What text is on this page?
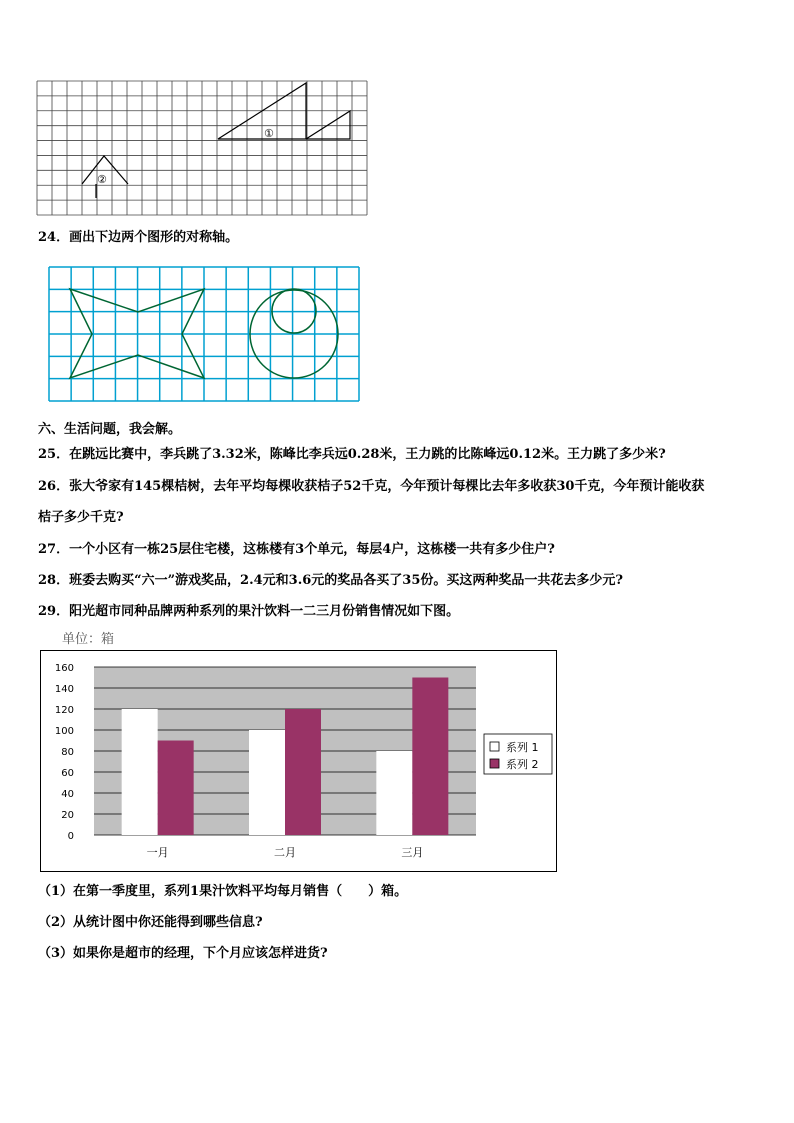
①
②
24．画出下边两个图形的对称轴。
六、生活问题，我会解。
25．在跳远比赛中，李兵跳了3.32米，陈峰比李兵远0.28米，王力跳的比陈峰远0.12米。王力跳了多少米?
26．张大爷家有145棵桔树，去年平均每棵收获桔子52千克，今年预计每棵比去年多收获30千克，今年预计能收获
桔子多少千克?
27．一个小区有一栋25层住宅楼，这栋楼有3个单元，每层4户，这栋楼一共有多少住户?
28．班委去购买“六一”游戏奖品，2.4元和3.6元的奖品各买了35份。买这两种奖品一共花去多少元?
29．阳光超市同种品牌两种系列的果汁饮料一二三月份销售情况如下图。
单位：箱
0
20
40
60
80
100
120
140
160
一月	二月	三月
系列 1
系列 2
（1）在第一季度里，系列1果汁饮料平均每月销售（　　）箱。
（2）从统计图中你还能得到哪些信息?
（3）如果你是超市的经理，下个月应该怎样进货?
